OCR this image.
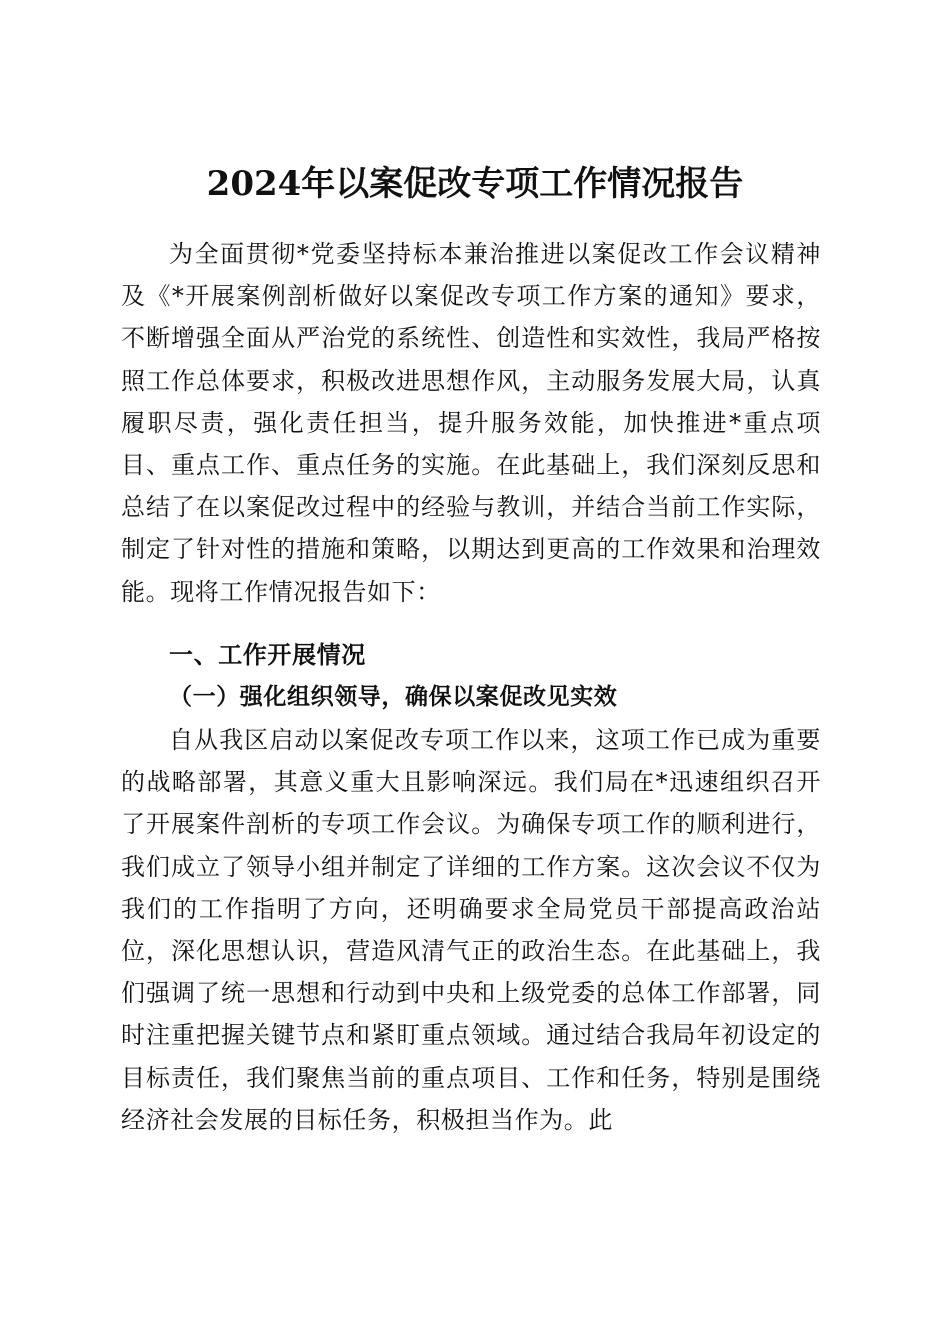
2024年以案促改专项工作情况报告

为全面贯彻*党委坚持标本兼治推进以案促改工作会议精神及《*开展案例剖析做好以案促改专项工作方案的通知》要求，不断增强全面从严治党的系统性、创造性和实效性，我局严格按照工作总体要求，积极改进思想作风，主动服务发展大局，认真履职尽责，强化责任担当，提升服务效能，加快推进*重点项目、重点工作、重点任务的实施。在此基础上，我们深刻反思和总结了在以案促改过程中的经验与教训，并结合当前工作实际，制定了针对性的措施和策略，以期达到更高的工作效果和治理效能。现将工作情况报告如下：

一、工作开展情况
（一）强化组织领导，确保以案促改见实效

自从我区启动以案促改专项工作以来，这项工作已成为重要的战略部署，其意义重大且影响深远。我们局在*迅速组织召开了开展案件剖析的专项工作会议。为确保专项工作的顺利进行，我们成立了领导小组并制定了详细的工作方案。这次会议不仅为我们的工作指明了方向，还明确要求全局党员干部提高政治站位，深化思想认识，营造风清气正的政治生态。在此基础上，我们强调了统一思想和行动到中央和上级党委的总体工作部署，同时注重把握关键节点和紧盯重点领域。通过结合我局年初设定的目标责任，我们聚焦当前的重点项目、工作和任务，特别是围绕经济社会发展的目标任务，积极担当作为。此
